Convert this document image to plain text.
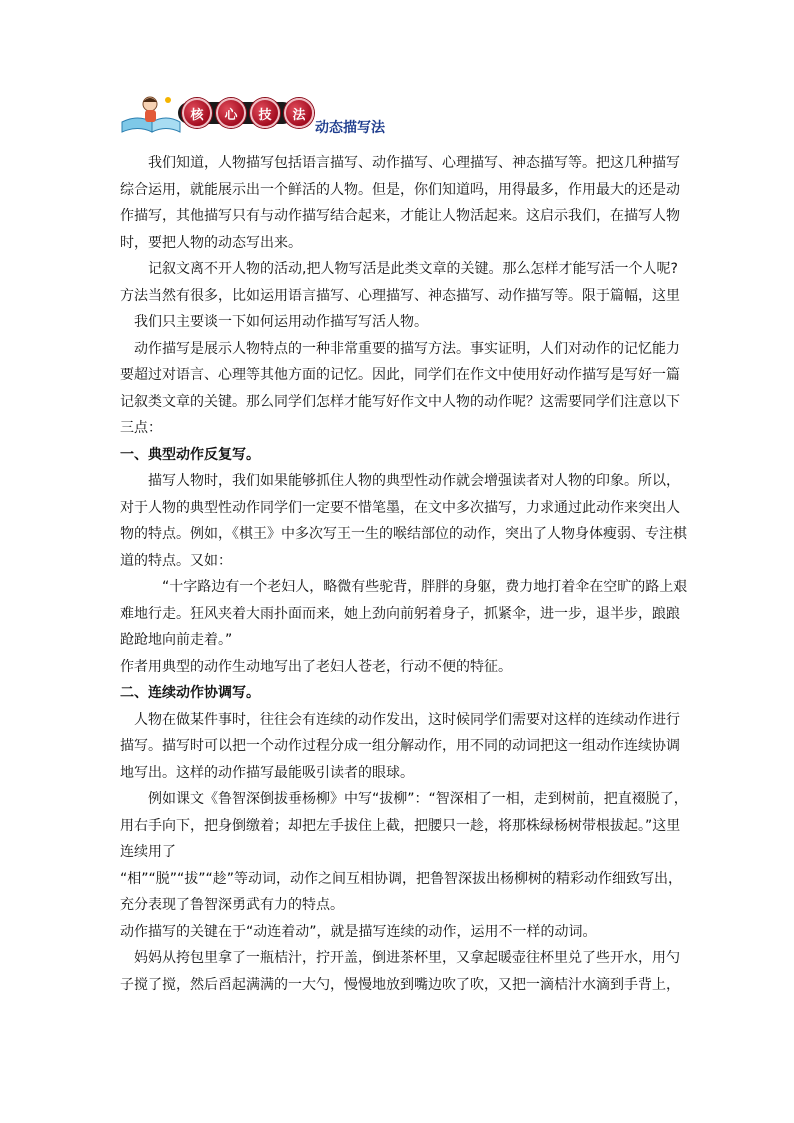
核	心	技	法
动态描写法

我们知道，人物描写包括语言描写、动作描写、心理描写、神态描写等。把这几种描写综合运用，就能展示出一个鲜活的人物。但是，你们知道吗，用得最多，作用最大的还是动作描写，其他描写只有与动作描写结合起来，才能让人物活起来。这启示我们，在描写人物时，要把人物的动态写出来。

记叙文离不开人物的活动,把人物写活是此类文章的关键。那么怎样才能写活一个人呢?方法当然有很多，比如运用语言描写、心理描写、神态描写、动作描写等。限于篇幅，这里

我们只主要谈一下如何运用动作描写写活人物。

动作描写是展示人物特点的一种非常重要的描写方法。事实证明，人们对动作的记忆能力要超过对语言、心理等其他方面的记忆。因此，同学们在作文中使用好动作描写是写好一篇记叙类文章的关键。那么同学们怎样才能写好作文中人物的动作呢？这需要同学们注意以下三点：

一、典型动作反复写。

描写人物时，我们如果能够抓住人物的典型性动作就会增强读者对人物的印象。所以，对于人物的典型性动作同学们一定要不惜笔墨，在文中多次描写，力求通过此动作来突出人物的特点。例如，《棋王》中多次写王一生的喉结部位的动作，突出了人物身体瘦弱、专注棋道的特点。又如：

“十字路边有一个老妇人，略微有些驼背，胖胖的身躯，费力地打着伞在空旷的路上艰难地行走。狂风夹着大雨扑面而来，她上劲向前躬着身子，抓紧伞，进一步，退半步，踉踉跄跄地向前走着。”

作者用典型的动作生动地写出了老妇人苍老，行动不便的特征。

二、连续动作协调写。

人物在做某件事时，往往会有连续的动作发出，这时候同学们需要对这样的连续动作进行描写。描写时可以把一个动作过程分成一组分解动作，用不同的动词把这一组动作连续协调地写出。这样的动作描写最能吸引读者的眼球。

例如课文《鲁智深倒拔垂杨柳》中写“拔柳”：“智深相了一相，走到树前，把直裰脱了，用右手向下，把身倒缴着；却把左手拔住上截，把腰只一趁，将那株绿杨树带根拔起。”这里连续用了

“相”“脱”“拔”“趁”等动词，动作之间互相协调，把鲁智深拔出杨柳树的精彩动作细致写出，充分表现了鲁智深勇武有力的特点。

动作描写的关键在于“动连着动”，就是描写连续的动作，运用不一样的动词。

妈妈从挎包里拿了一瓶桔汁，拧开盖，倒进茶杯里，又拿起暖壶往杯里兑了些开水，用勺子搅了搅，然后舀起满满的一大勺，慢慢地放到嘴边吹了吹，又把一滴桔汁水滴到手背上，
